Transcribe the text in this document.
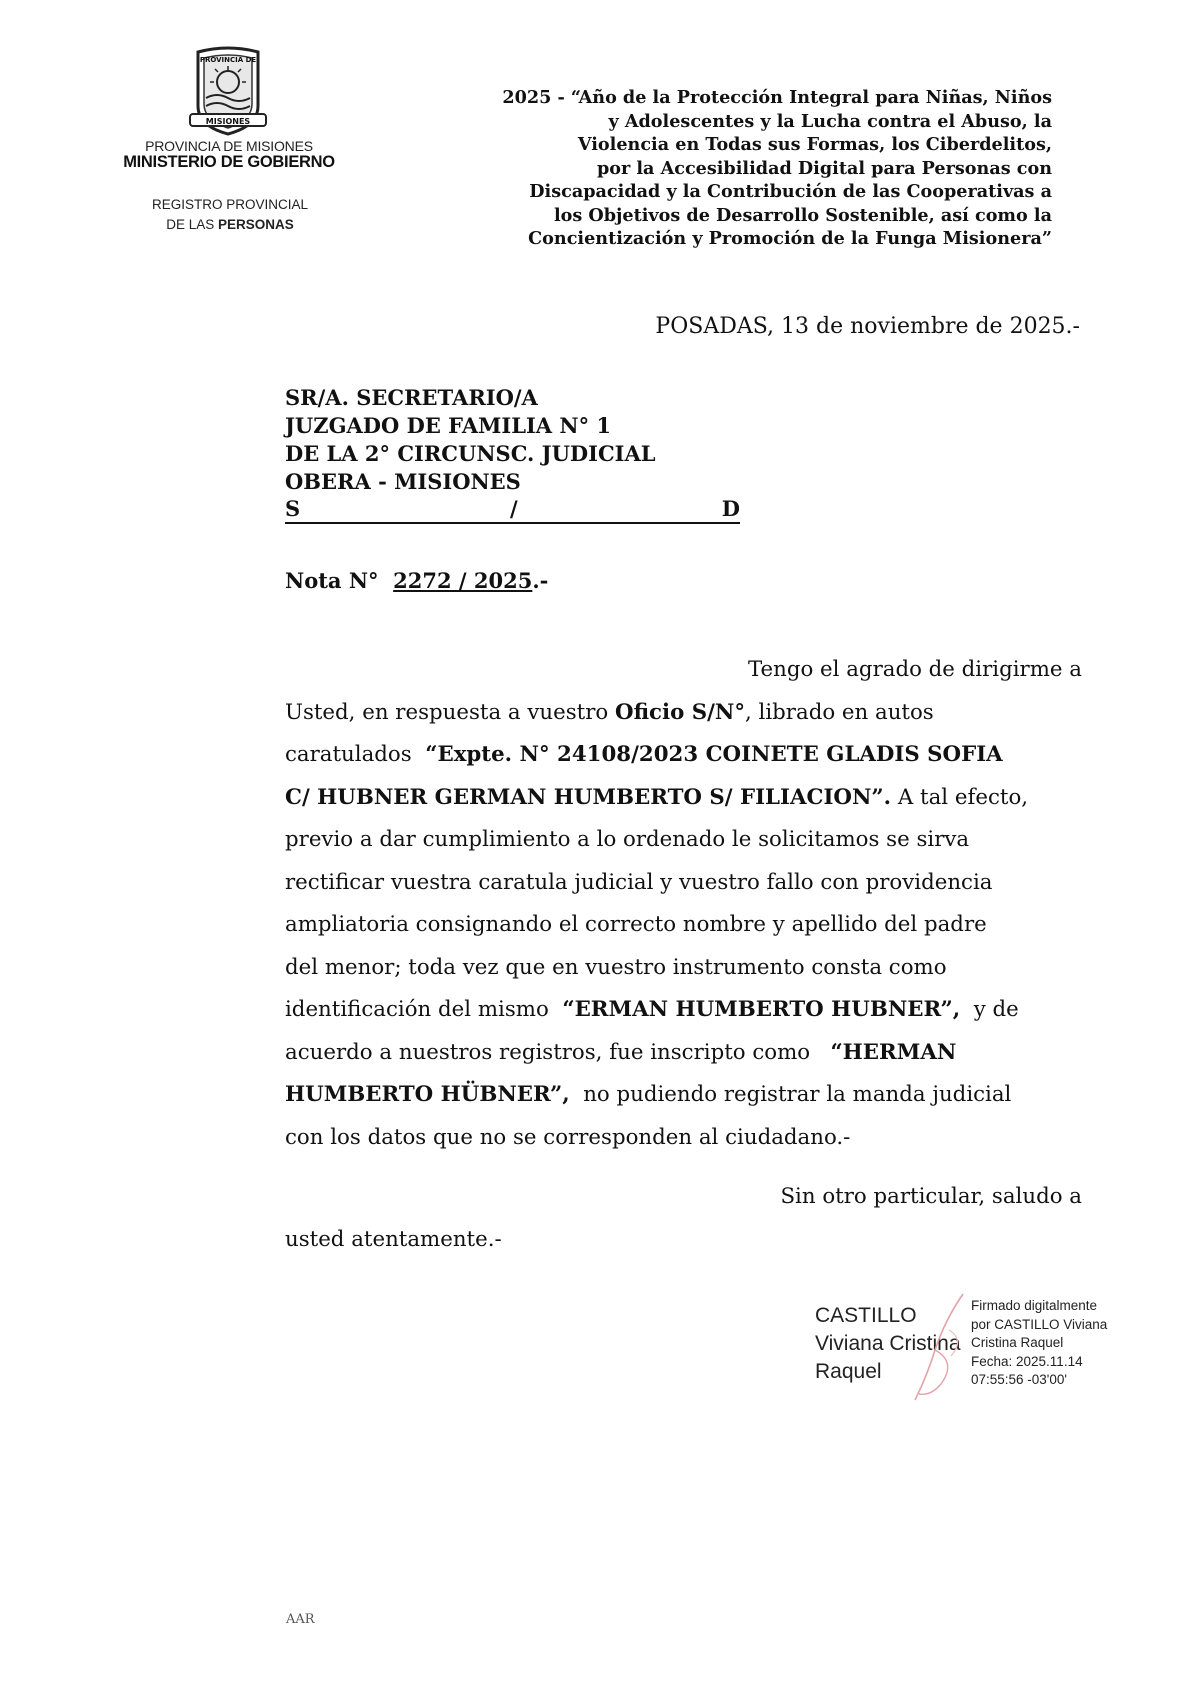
PROVINCIA DE
MISIONES
PROVINCIA DE MISIONES
MINISTERIO DE GOBIERNO
REGISTRO PROVINCIAL
DE LAS PERSONAS
2025 - “Año de la Protección Integral para Niñas, Niños
y Adolescentes y la Lucha contra el Abuso, la
Violencia en Todas sus Formas, los Ciberdelitos,
por la Accesibilidad Digital para Personas con
Discapacidad y la Contribución de las Cooperativas a
los Objetivos de Desarrollo Sostenible, así como la
Concientización y Promoción de la Funga Misionera”
POSADAS, 13 de noviembre de 2025.-
SR/A. SECRETARIO/A
JUZGADO DE FAMILIA N° 1
DE LA 2° CIRCUNSC. JUDICIAL
OBERA - MISIONES
S	/	D
Nota N° 2272 / 2025.-
Tengo el agrado de dirigirme a
Usted, en respuesta a vuestro Oficio S/N°, librado en autos
caratulados “Expte. N° 24108/2023 COINETE GLADIS SOFIA
C/ HUBNER GERMAN HUMBERTO S/ FILIACION”. A tal efecto,
previo a dar cumplimiento a lo ordenado le solicitamos se sirva
rectificar vuestra caratula judicial y vuestro fallo con providencia
ampliatoria consignando el correcto nombre y apellido del padre
del menor; toda vez que en vuestro instrumento consta como
identificación del mismo “ERMAN HUMBERTO HUBNER”, y de
acuerdo a nuestros registros, fue inscripto como “HERMAN
HUMBERTO HÜBNER”, no pudiendo registrar la manda judicial
con los datos que no se corresponden al ciudadano.-
Sin otro particular, saludo a
usted atentamente.-
CASTILLO
Viviana Cristina
Raquel
Firmado digitalmente
por CASTILLO Viviana
Cristina Raquel
Fecha: 2025.11.14
07:55:56 -03'00'
AAR
